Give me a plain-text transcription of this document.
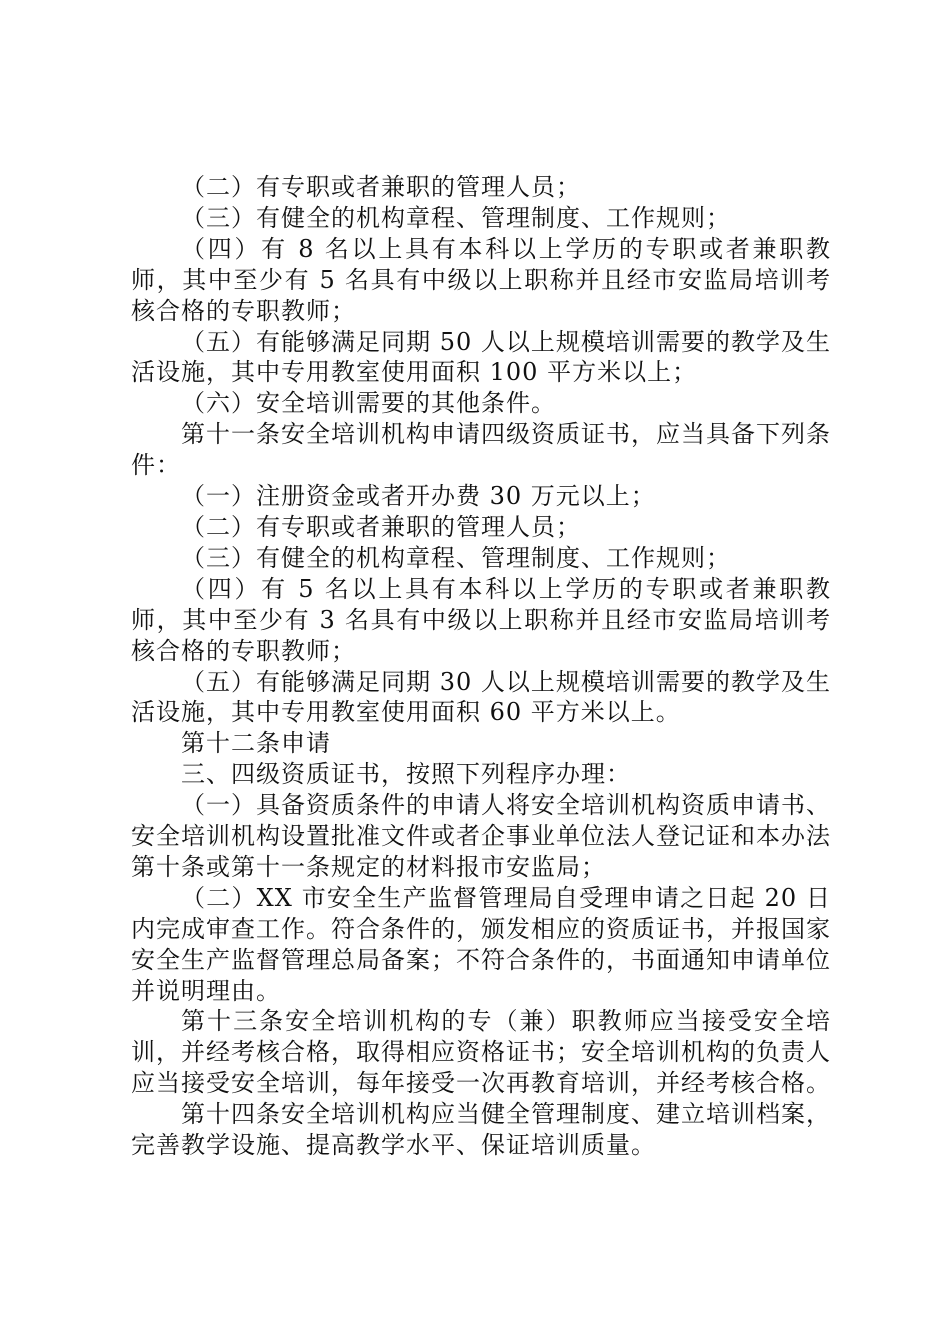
（二）有专职或者兼职的管理人员；

（三）有健全的机构章程、管理制度、工作规则；

（四）有 8 名以上具有本科以上学历的专职或者兼职教师，其中至少有 5 名具有中级以上职称并且经市安监局培训考核合格的专职教师；

（五）有能够满足同期 50 人以上规模培训需要的教学及生活设施，其中专用教室使用面积 100 平方米以上；

（六）安全培训需要的其他条件。

第十一条安全培训机构申请四级资质证书，应当具备下列条件：

（一）注册资金或者开办费 30 万元以上；

（二）有专职或者兼职的管理人员；

（三）有健全的机构章程、管理制度、工作规则；

（四）有 5 名以上具有本科以上学历的专职或者兼职教师，其中至少有 3 名具有中级以上职称并且经市安监局培训考核合格的专职教师；

（五）有能够满足同期 30 人以上规模培训需要的教学及生活设施，其中专用教室使用面积 60 平方米以上。

第十二条申请

三、四级资质证书，按照下列程序办理：

（一）具备资质条件的申请人将安全培训机构资质申请书、安全培训机构设置批准文件或者企事业单位法人登记证和本办法第十条或第十一条规定的材料报市安监局；

（二）XX 市安全生产监督管理局自受理申请之日起 20 日内完成审查工作。符合条件的，颁发相应的资质证书，并报国家安全生产监督管理总局备案；不符合条件的，书面通知申请单位并说明理由。

第十三条安全培训机构的专（兼）职教师应当接受安全培训，并经考核合格，取得相应资格证书；安全培训机构的负责人应当接受安全培训，每年接受一次再教育培训，并经考核合格。

第十四条安全培训机构应当健全管理制度、建立培训档案，完善教学设施、提高教学水平、保证培训质量。
